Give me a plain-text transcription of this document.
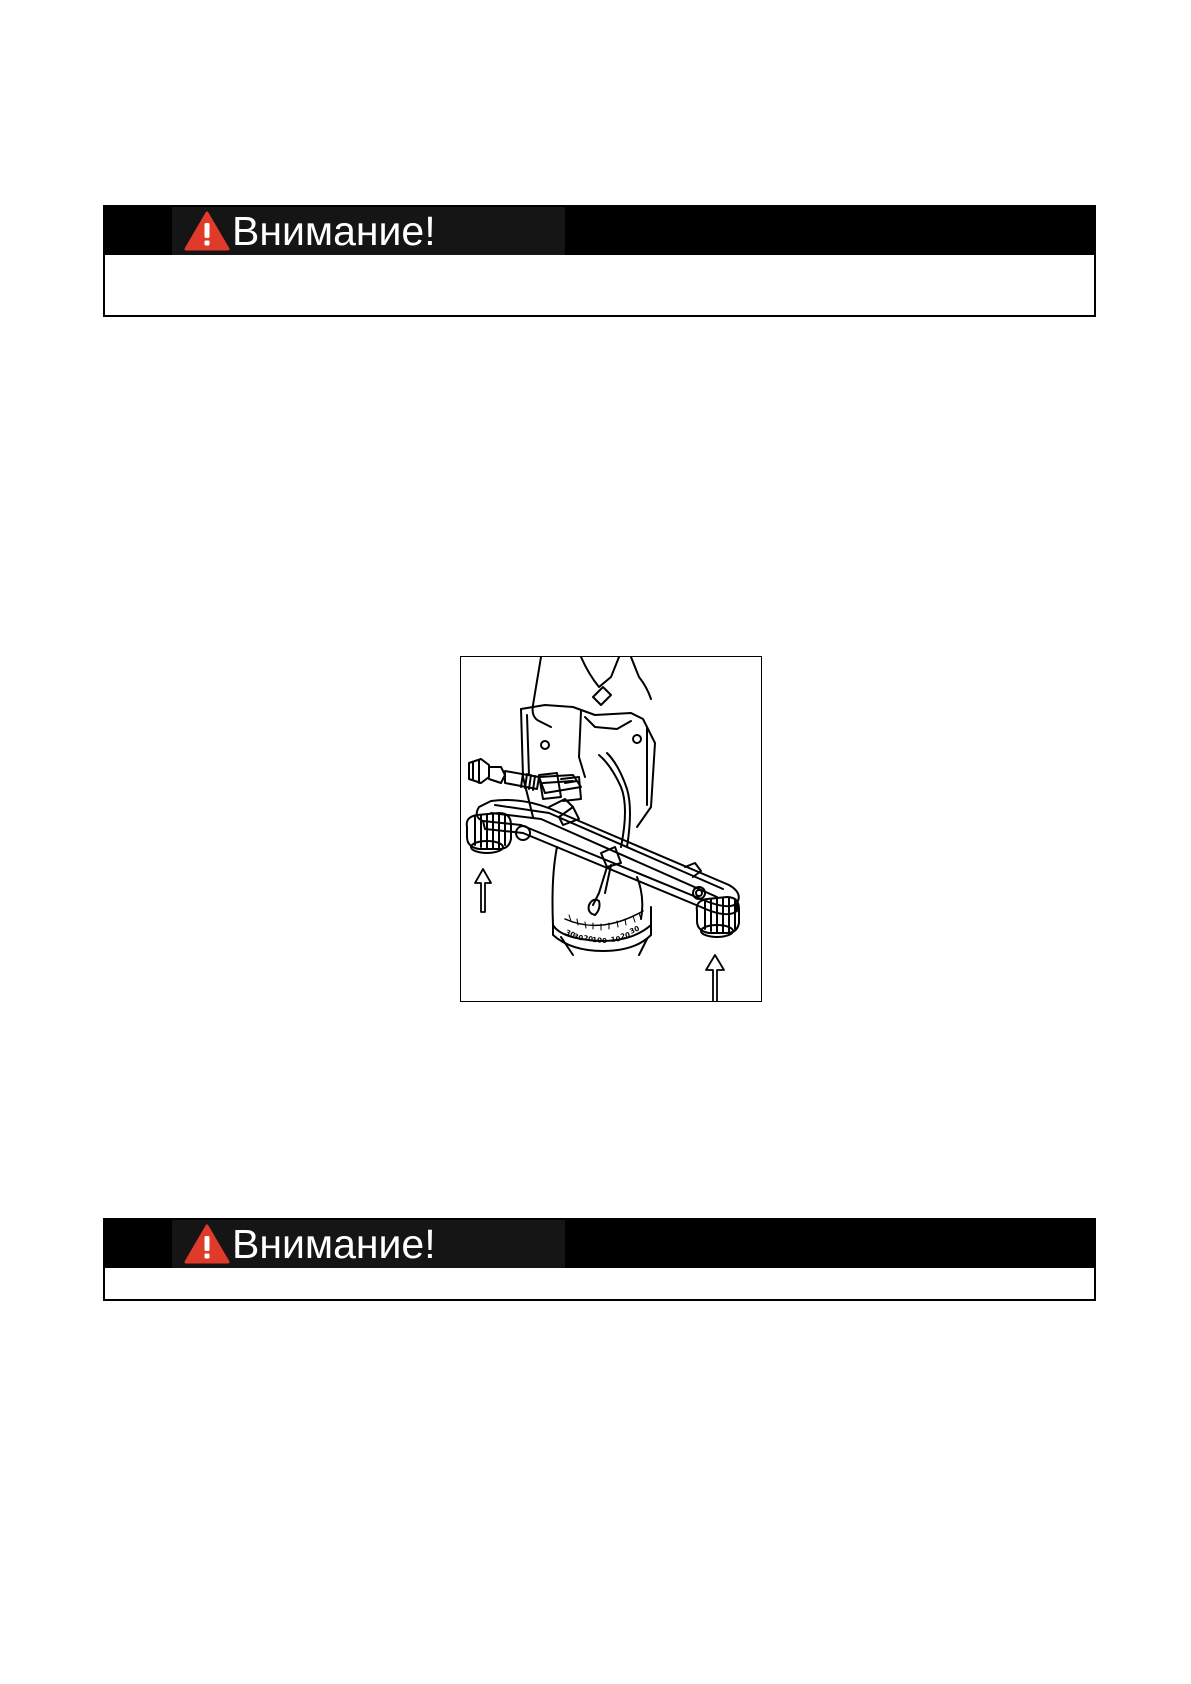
Внимание!
30
30
20
10 0 10
20
30
Внимание!
